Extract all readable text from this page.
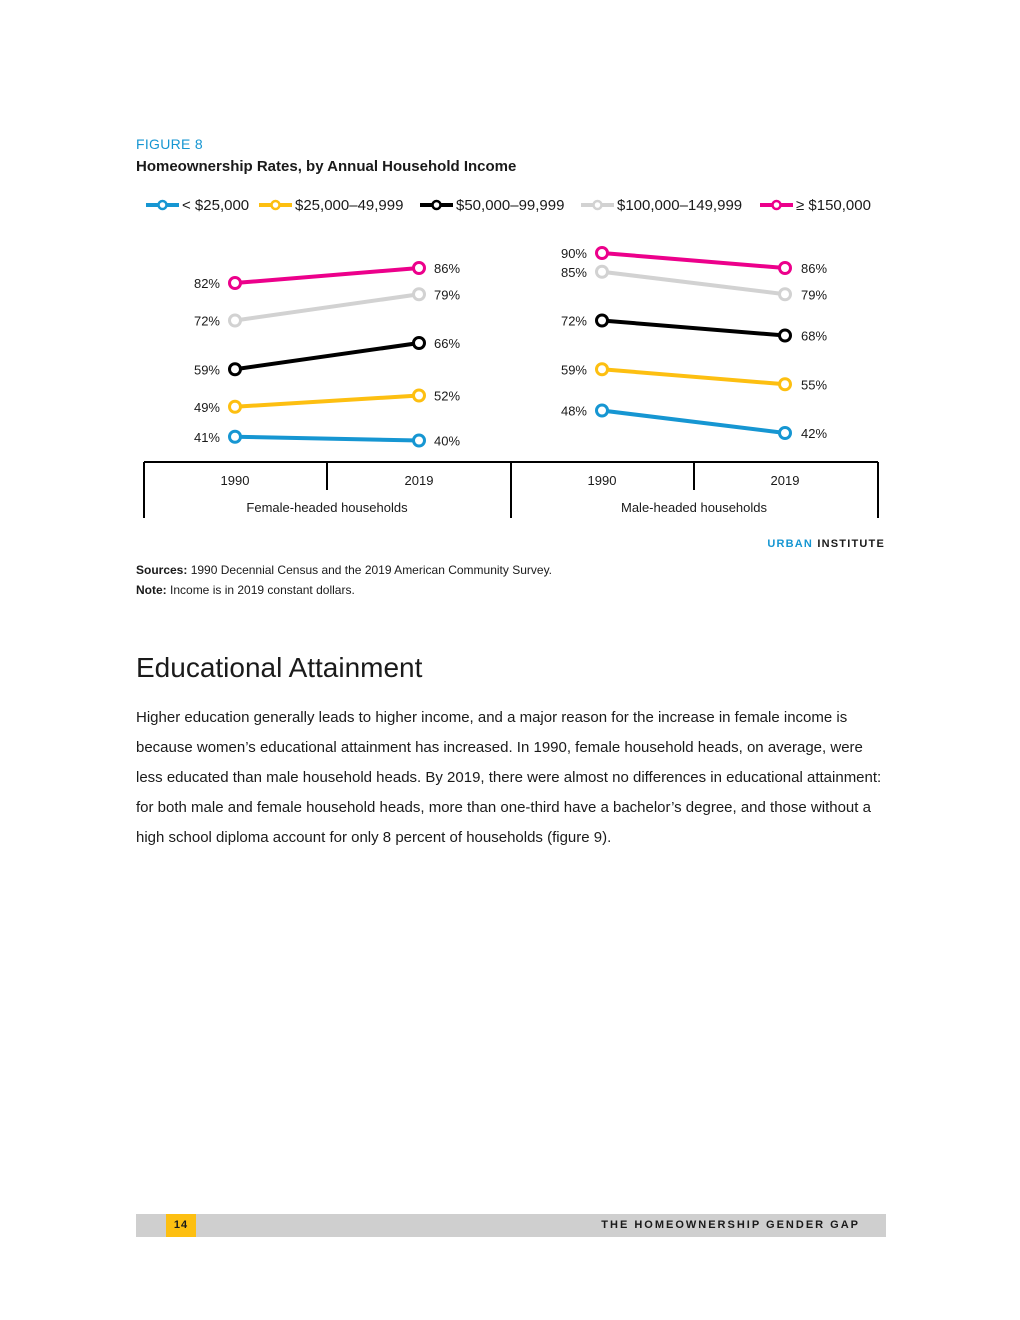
FIGURE 8
Homeownership Rates, by Annual Household Income
< $25,000	$25,000–49,999	$50,000–99,999	$100,000–149,999	≥ $150,000
41%	40%
49%
52%
59%
66%
72%
79%
82%
86%
48%
42%
59%
55%
72%
68%
85%
79%
90%
86%
1990	2019
Female-headed households
1990	2019
Male-headed households
URBAN INSTITUTE
Sources: 1990 Decennial Census and the 2019 American Community Survey.
Note: Income is in 2019 constant dollars.
Educational Attainment

Higher education generally leads to higher income, and a major reason for the increase in female income is because women’s educational attainment has increased. In 1990, female household heads, on average, were less educated than male household heads. By 2019, there were almost no differences in educational attainment: for both male and female household heads, more than one-third have a bachelor’s degree, and those without a high school diploma account for only 8 percent of households (figure 9).

14	THE HOMEOWNERSHIP GENDER GAP
